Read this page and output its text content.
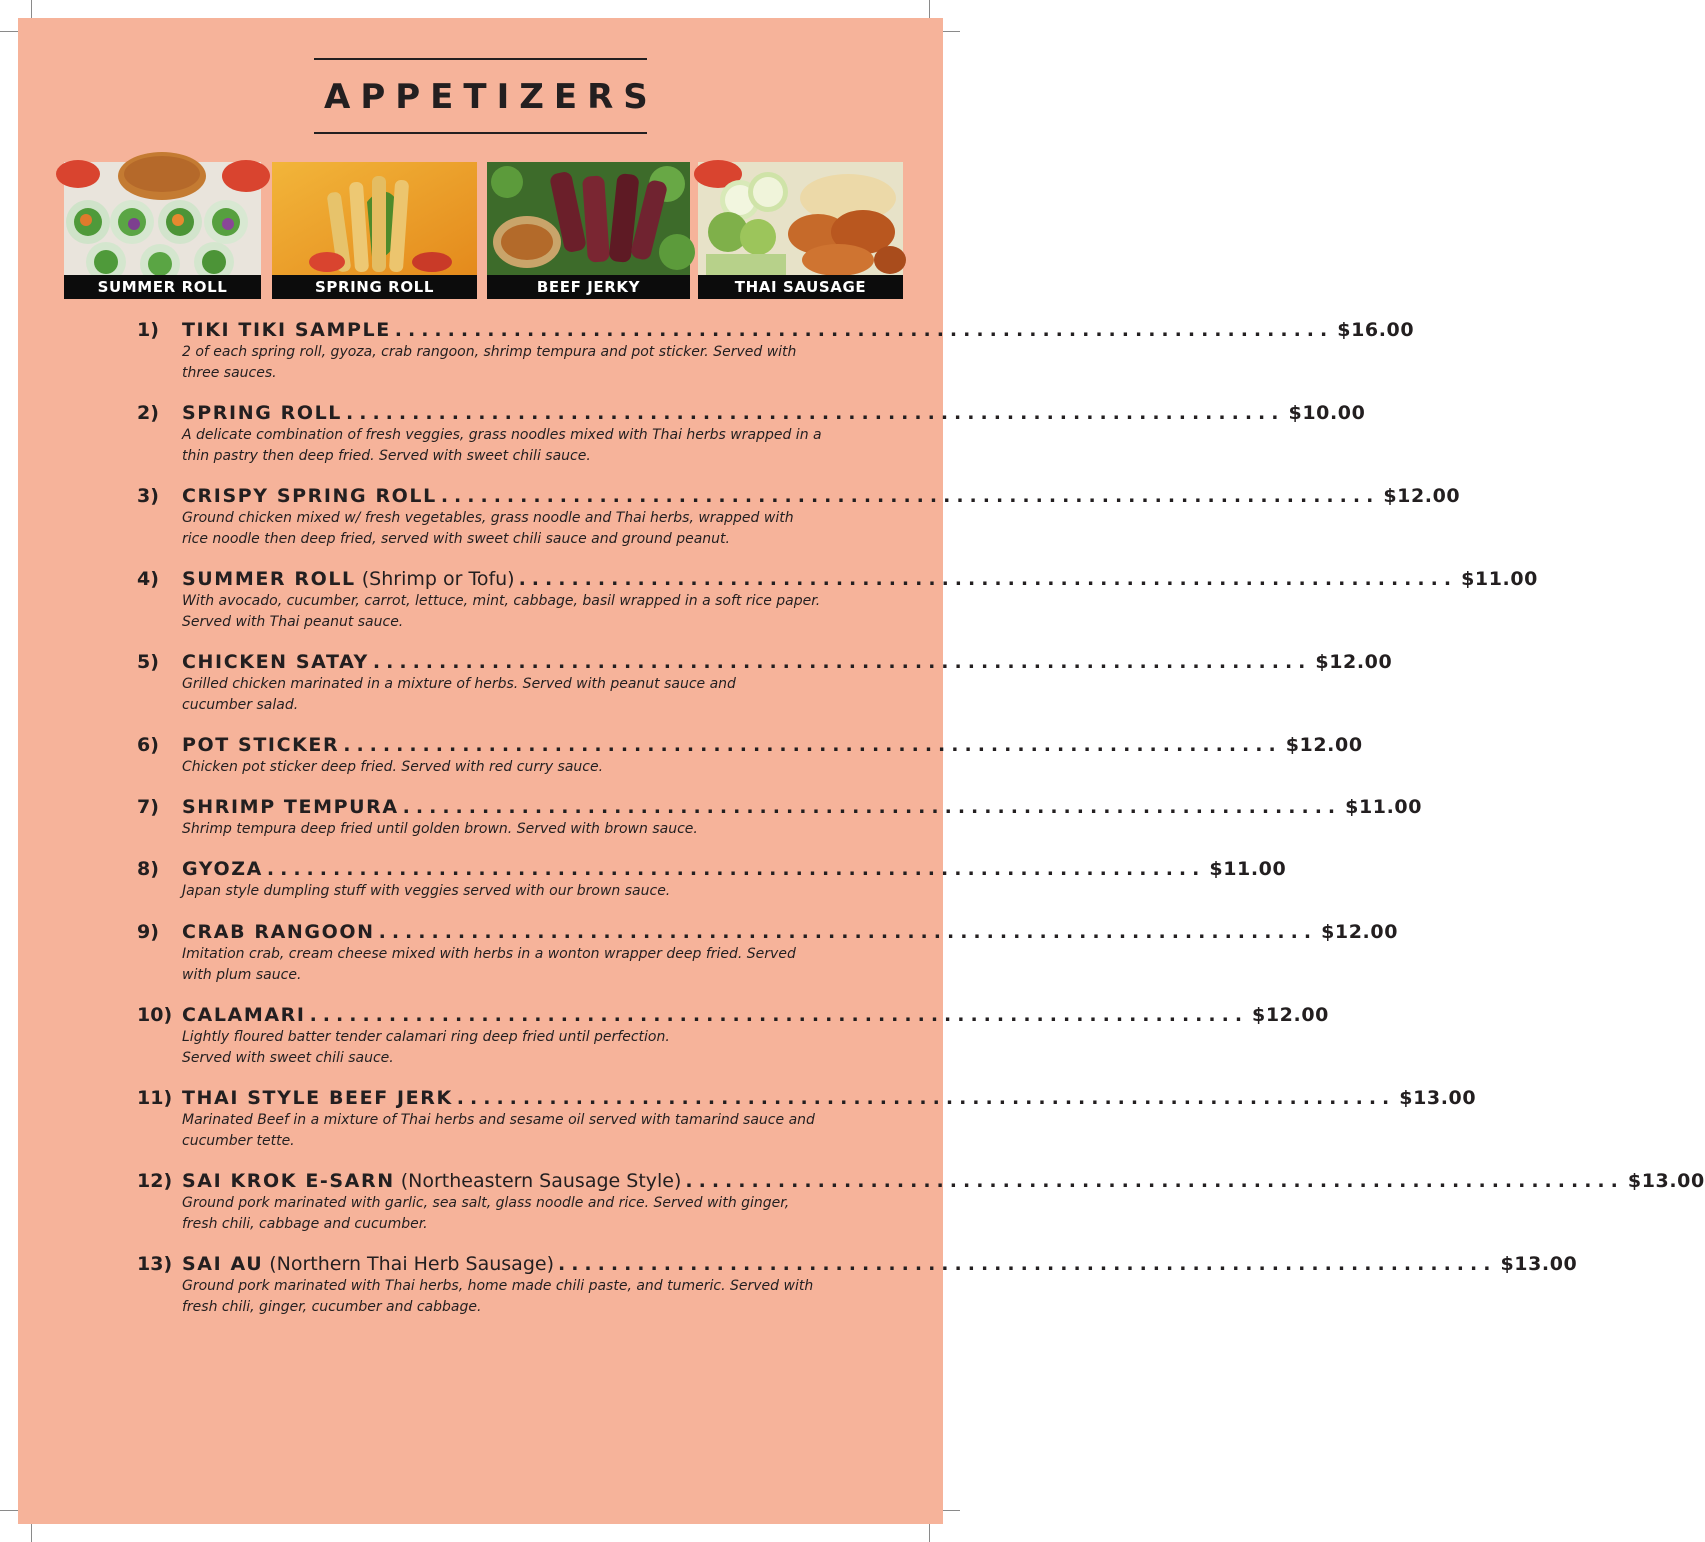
APPETIZERS
SUMMER ROLL	SPRING ROLL	BEEF JERKY	THAI SAUSAGE
1)	TIKI TIKI SAMPLE ....................................................................... $16.00
2 of each spring roll, gyoza, crab rangoon, shrimp tempura and pot sticker. Served with three sauces.
2)	SPRING ROLL ....................................................................... $10.00
A delicate combination of fresh veggies, grass noodles mixed with Thai herbs wrapped in a thin pastry then deep fried. Served with sweet chili sauce.
3)	CRISPY SPRING ROLL ....................................................................... $12.00
Ground chicken mixed w/ fresh vegetables, grass noodle and Thai herbs, wrapped with rice noodle then deep fried, served with sweet chili sauce and ground peanut.
4)	SUMMER ROLL (Shrimp or Tofu) ....................................................................... $11.00
With avocado, cucumber, carrot, lettuce, mint, cabbage, basil wrapped in a soft rice paper. Served with Thai peanut sauce.
5)	CHICKEN SATAY ....................................................................... $12.00
Grilled chicken marinated in a mixture of herbs. Served with peanut sauce and cucumber salad.
6)	POT STICKER ....................................................................... $12.00
Chicken pot sticker deep fried. Served with red curry sauce.
7)	SHRIMP TEMPURA ....................................................................... $11.00
Shrimp tempura deep fried until golden brown. Served with brown sauce.
8)	GYOZA ....................................................................... $11.00
Japan style dumpling stuff with veggies served with our brown sauce.
9)	CRAB RANGOON ....................................................................... $12.00
Imitation crab, cream cheese mixed with herbs in a wonton wrapper deep fried. Served with plum sauce.
10) CALAMARI ....................................................................... $12.00
Lightly floured batter tender calamari ring deep fried until perfection. Served with sweet chili sauce.
11) THAI STYLE BEEF JERK ....................................................................... $13.00
Marinated Beef in a mixture of Thai herbs and sesame oil served with tamarind sauce and cucumber tette.
12) SAI KROK E-SARN (Northeastern Sausage Style) ....................................................................... $13.00
Ground pork marinated with garlic, sea salt, glass noodle and rice. Served with ginger, fresh chili, cabbage and cucumber.
13) SAI AU (Northern Thai Herb Sausage) ....................................................................... $13.00
Ground pork marinated with Thai herbs, home made chili paste, and tumeric. Served with fresh chili, ginger, cucumber and cabbage.
